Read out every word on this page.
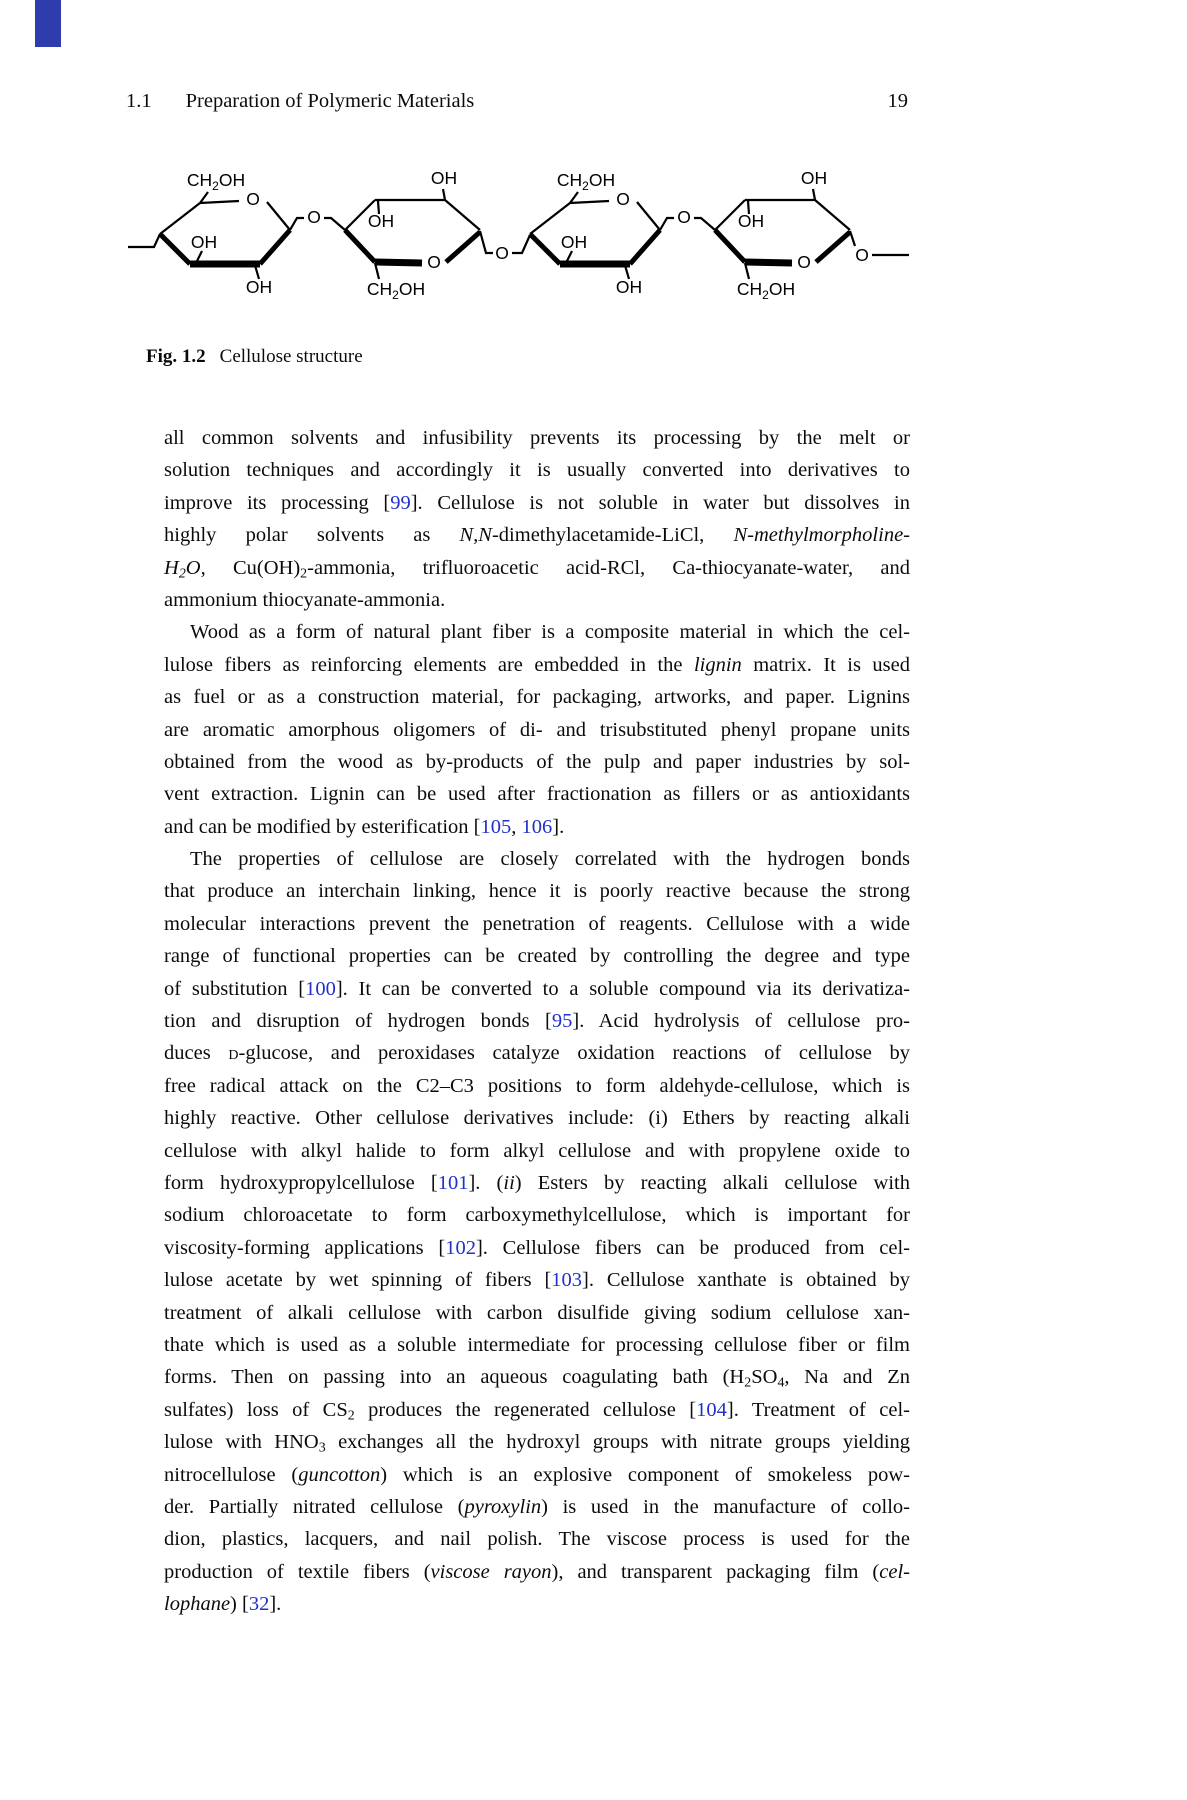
1.1 Preparation of Polymeric Materials	19
$CH_2OH$
O
OH
OH
O
OH
OH
O
$CH_2OH$
O
$CH_2OH$
O
OH
OH
O
OH
OH
O
$CH_2OH$
O
Fig. 1.2 Cellulose structure
all common solvents and infusibility prevents its processing by the melt or
solution techniques and accordingly it is usually converted into derivatives to
improve its processing [99]. Cellulose is not soluble in water but dissolves in
highly polar solvents as N,N-dimethylacetamide-LiCl, N-methylmorpholine-
H2O, Cu(OH)2-ammonia, trifluoroacetic acid-RCl, Ca-thiocyanate-water, and
ammonium thiocyanate-ammonia.
Wood as a form of natural plant fiber is a composite material in which the cel-
lulose fibers as reinforcing elements are embedded in the lignin matrix. It is used
as fuel or as a construction material, for packaging, artworks, and paper. Lignins
are aromatic amorphous oligomers of di- and trisubstituted phenyl propane units
obtained from the wood as by-products of the pulp and paper industries by sol-
vent extraction. Lignin can be used after fractionation as fillers or as antioxidants
and can be modified by esterification [105, 106].
The properties of cellulose are closely correlated with the hydrogen bonds
that produce an interchain linking, hence it is poorly reactive because the strong
molecular interactions prevent the penetration of reagents. Cellulose with a wide
range of functional properties can be created by controlling the degree and type
of substitution [100]. It can be converted to a soluble compound via its derivatiza-
tion and disruption of hydrogen bonds [95]. Acid hydrolysis of cellulose pro-
duces d-glucose, and peroxidases catalyze oxidation reactions of cellulose by
free radical attack on the C2–C3 positions to form aldehyde-cellulose, which is
highly reactive. Other cellulose derivatives include: (i) Ethers by reacting alkali
cellulose with alkyl halide to form alkyl cellulose and with propylene oxide to
form hydroxypropylcellulose [101]. (ii) Esters by reacting alkali cellulose with
sodium chloroacetate to form carboxymethylcellulose, which is important for
viscosity-forming applications [102]. Cellulose fibers can be produced from cel-
lulose acetate by wet spinning of fibers [103]. Cellulose xanthate is obtained by
treatment of alkali cellulose with carbon disulfide giving sodium cellulose xan-
thate which is used as a soluble intermediate for processing cellulose fiber or film
forms. Then on passing into an aqueous coagulating bath (H2SO4, Na and Zn
sulfates) loss of CS2 produces the regenerated cellulose [104]. Treatment of cel-
lulose with HNO3 exchanges all the hydroxyl groups with nitrate groups yielding
nitrocellulose (guncotton) which is an explosive component of smokeless pow-
der. Partially nitrated cellulose (pyroxylin) is used in the manufacture of collo-
dion, plastics, lacquers, and nail polish. The viscose process is used for the
production of textile fibers (viscose rayon), and transparent packaging film (cel-
lophane) [32].
